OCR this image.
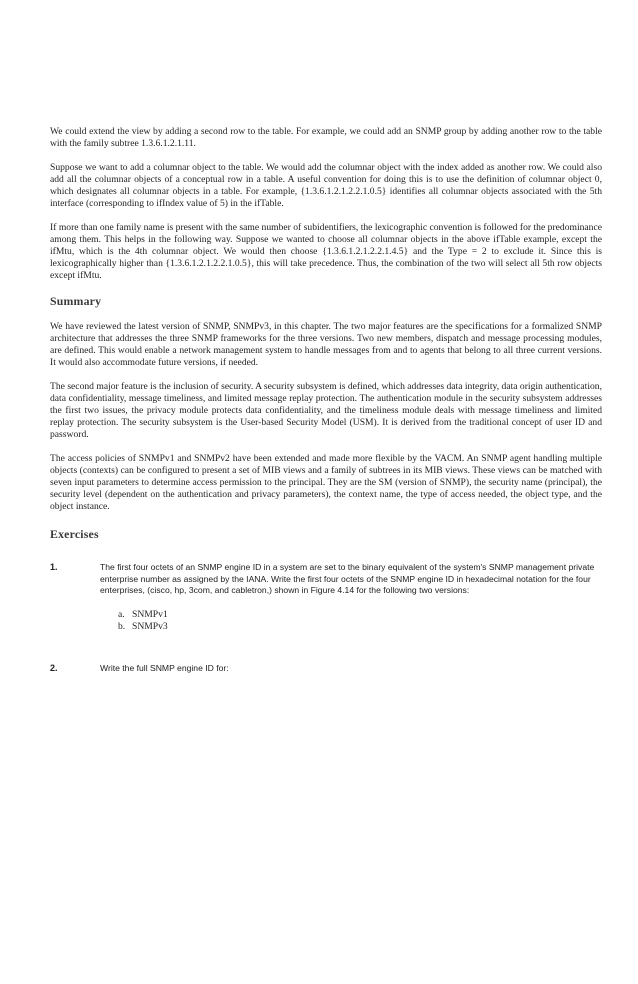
We could extend the view by adding a second row to the table. For example, we could add an SNMP group by adding another row to the table with the family subtree 1.3.6.1.2.1.11.

Suppose we want to add a columnar object to the table. We would add the columnar object with the index added as another row. We could also add all the columnar objects of a conceptual row in a table. A useful convention for doing this is to use the definition of columnar object 0, which designates all columnar objects in a table. For example, {1.3.6.1.2.1.2.2.1.0.5} identifies all columnar objects associated with the 5th interface (corresponding to ifIndex value of 5) in the ifTable.

If more than one family name is present with the same number of subidentifiers, the lexicographic convention is followed for the predominance among them. This helps in the following way. Suppose we wanted to choose all columnar objects in the above ifTable example, except the ifMtu, which is the 4th columnar object. We would then choose {1.3.6.1.2.1.2.2.1.4.5} and the Type = 2 to exclude it. Since this is lexicographically higher than {1.3.6.1.2.1.2.2.1.0.5}, this will take precedence. Thus, the combination of the two will select all 5th row objects except ifMtu.

Summary

We have reviewed the latest version of SNMP, SNMPv3, in this chapter. The two major features are the specifications for a formalized SNMP architecture that addresses the three SNMP frameworks for the three versions. Two new members, dispatch and message processing modules, are defined. This would enable a network management system to handle messages from and to agents that belong to all three current versions. It would also accommodate future versions, if needed.

The second major feature is the inclusion of security. A security subsystem is defined, which addresses data integrity, data origin authentication, data confidentiality, message timeliness, and limited message replay protection. The authentication module in the security subsystem addresses the first two issues, the privacy module protects data confidentiality, and the timeliness module deals with message timeliness and limited replay protection. The security subsystem is the User-based Security Model (USM). It is derived from the traditional concept of user ID and password.

The access policies of SNMPv1 and SNMPv2 have been extended and made more flexible by the VACM. An SNMP agent handling multiple objects (contexts) can be configured to present a set of MIB views and a family of subtrees in its MIB views. These views can be matched with seven input parameters to determine access permission to the principal. They are the SM (version of SNMP), the security name (principal), the security level (dependent on the authentication and privacy parameters), the context name, the type of access needed, the object type, and the object instance.

Exercises
1.	The first four octets of an SNMP engine ID in a system are set to the binary equivalent of the system's SNMP management private enterprise number as assigned by the IANA. Write the first four octets of the SNMP engine ID in hexadecimal notation for the four enterprises, (cisco, hp, 3com, and cabletron,) shown in Figure 4.14 for the following two versions:
a. SNMPv1
b. SNMPv3
2.	Write the full SNMP engine ID for:
